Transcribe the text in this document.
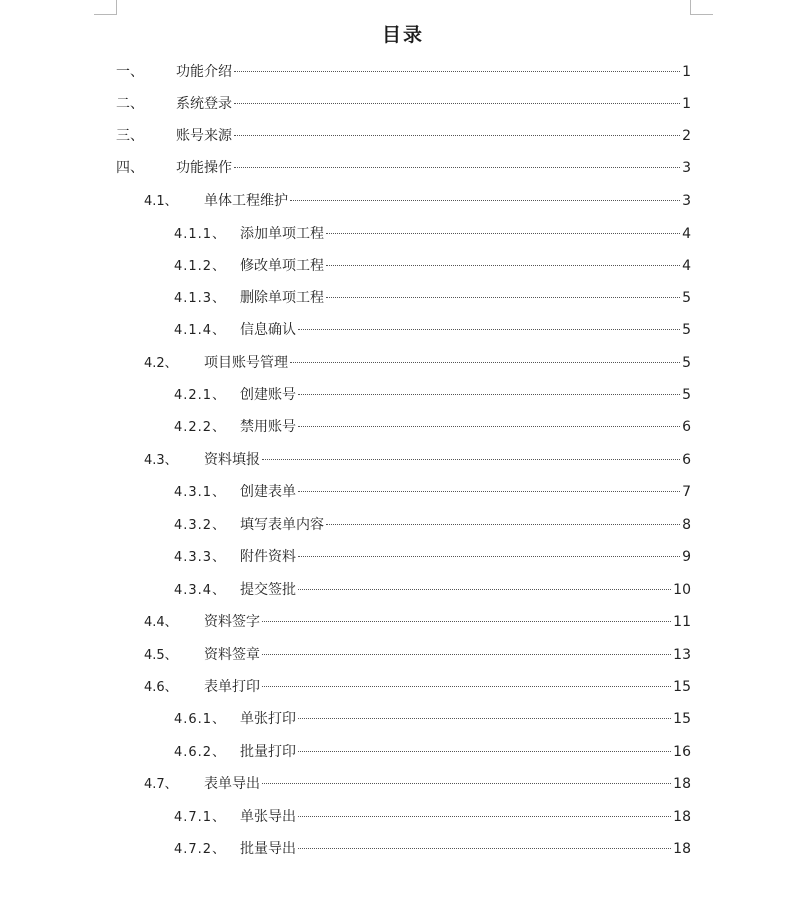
目录
一、	功能介绍	1
二、	系统登录	1
三、	账号来源	2
四、	功能操作	3
4.1、	单体工程维护	3
4.1.1、 添加单项工程	4
4.1.2、 修改单项工程	4
4.1.3、 删除单项工程	5
4.1.4、 信息确认	5
4.2、	项目账号管理	5
4.2.1、 创建账号	5
4.2.2、 禁用账号	6
4.3、	资料填报	6
4.3.1、 创建表单	7
4.3.2、 填写表单内容	8
4.3.3、 附件资料	9
4.3.4、 提交签批	10
4.4、	资料签字	11
4.5、	资料签章	13
4.6、	表单打印	15
4.6.1、 单张打印	15
4.6.2、 批量打印	16
4.7、	表单导出	18
4.7.1、 单张导出	18
4.7.2、 批量导出	18
